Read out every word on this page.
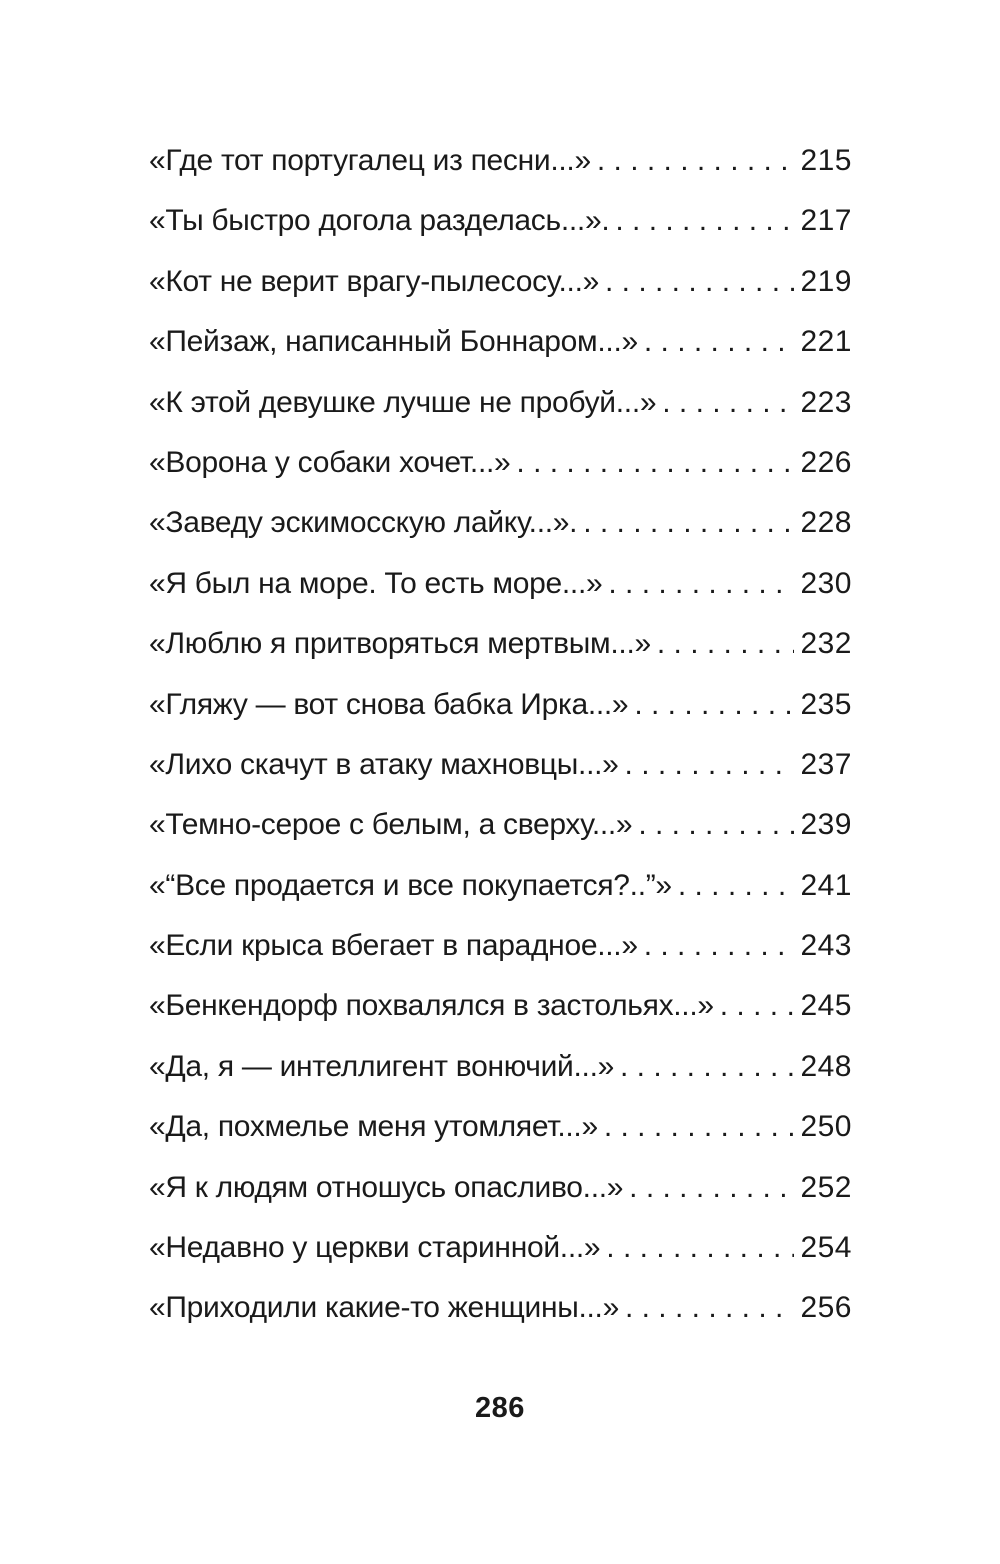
«Где тот португалец из песни...» . . .	215
«Ты быстро догола разделась...». . . .	217
«Кот не верит врагу-пылесосу...» . . .	219
«Пейзаж, написанный Боннаром...» . . .	221
«К этой девушке лучше не пробуй...» . . .	223
«Ворона у собаки хочет...» . . .	226
«Заведу эскимосскую лайку...». . . .	228
«Я был на море. То есть море...» . . .	230
«Люблю я притворяться мертвым...» . . .	232
«Гляжу — вот снова бабка Ирка...» . . .	235
«Лихо скачут в атаку махновцы...» . . .	237
«Темно-серое с белым, а сверху...» . . .	239
«“Все продается и все покупается?..”» . . .	241
«Если крыса вбегает в парадное...» . . .	243
«Бенкендорф похвалялся в застольях...» . . .	245
«Да, я — интеллигент вонючий...» . . .	248
«Да, похмелье меня утомляет...» . . .	250
«Я к людям отношусь опасливо...» . . .	252
«Недавно у церкви старинной...» . . .	254
«Приходили какие-то женщины...» . . .	256
286
